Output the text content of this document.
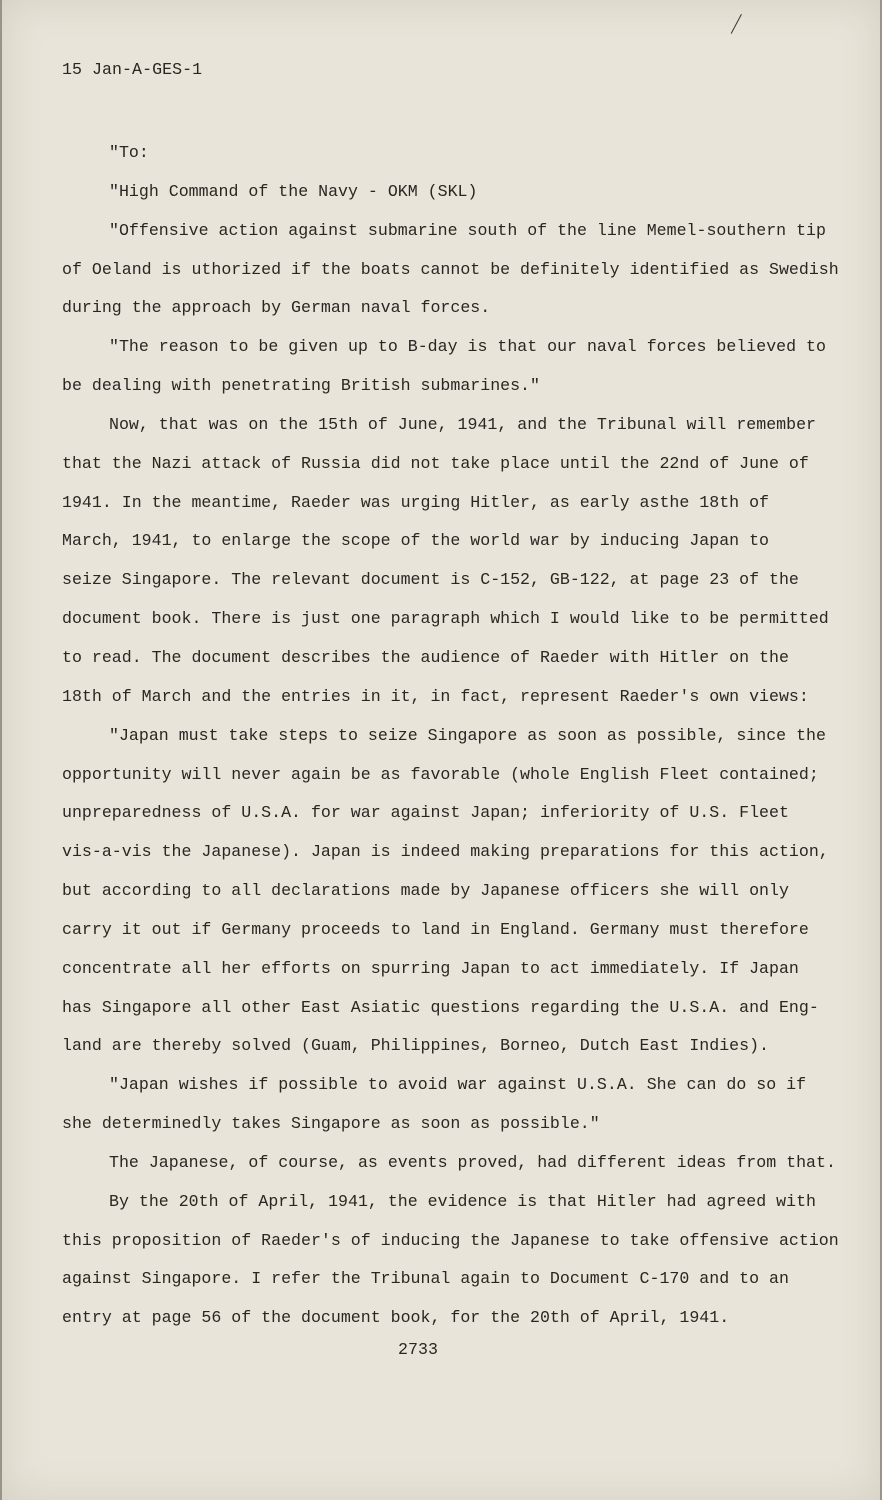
15 Jan-A-GES-1
"To:
"High Command of the Navy - OKM (SKL)
"Offensive action against submarine south of the line Memel-southern tip
of Oeland is uthorized if the boats cannot be definitely identified as Swedish
during the approach by German naval forces.
"The reason to be given up to B-day is that our naval forces believed to
be dealing with penetrating British submarines."
Now, that was on the 15th of June, 1941, and the Tribunal will remember
that the Nazi attack of Russia did not take place until the 22nd of June of
1941. In the meantime, Raeder was urging Hitler, as early asthe 18th of
March, 1941, to enlarge the scope of the world war by inducing Japan to
seize Singapore. The relevant document is C-152, GB-122, at page 23 of the
document book. There is just one paragraph which I would like to be permitted
to read. The document describes the audience of Raeder with Hitler on the
18th of March and the entries in it, in fact, represent Raeder's own views:
"Japan must take steps to seize Singapore as soon as possible, since the
opportunity will never again be as favorable (whole English Fleet contained;
unpreparedness of U.S.A. for war against Japan; inferiority of U.S. Fleet
vis-a-vis the Japanese). Japan is indeed making preparations for this action,
but according to all declarations made by Japanese officers she will only
carry it out if Germany proceeds to land in England. Germany must therefore
concentrate all her efforts on spurring Japan to act immediately. If Japan
has Singapore all other East Asiatic questions regarding the U.S.A. and Eng-
land are thereby solved (Guam, Philippines, Borneo, Dutch East Indies).
"Japan wishes if possible to avoid war against U.S.A. She can do so if
she determinedly takes Singapore as soon as possible."
The Japanese, of course, as events proved, had different ideas from that.
By the 20th of April, 1941, the evidence is that Hitler had agreed with
this proposition of Raeder's of inducing the Japanese to take offensive action
against Singapore. I refer the Tribunal again to Document C-170 and to an
entry at page 56 of the document book, for the 20th of April, 1941.
2733
